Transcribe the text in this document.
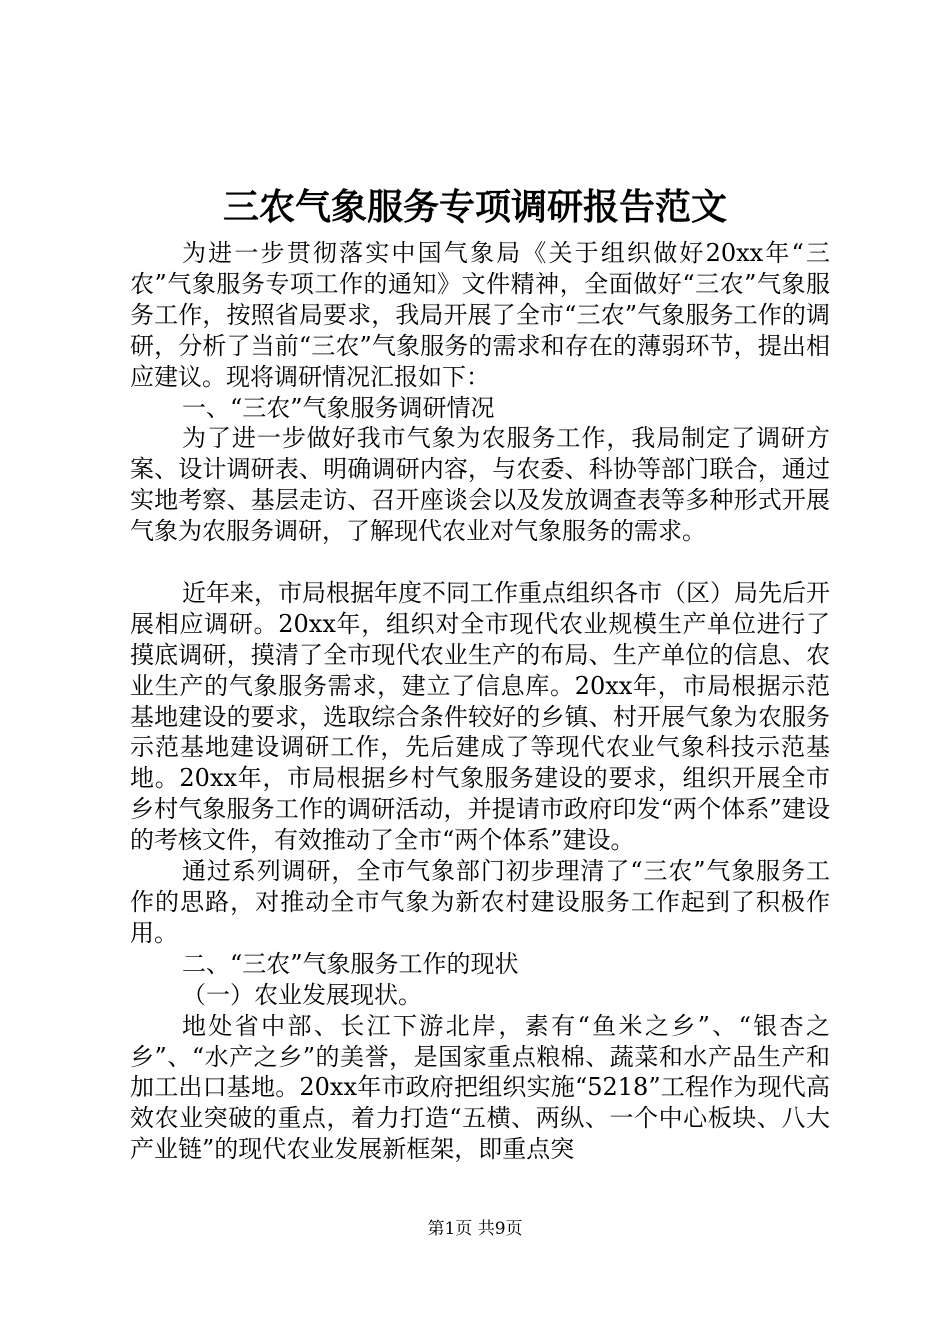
三农气象服务专项调研报告范文

为进一步贯彻落实中国气象局《关于组织做好20xx年“三农”气象服务专项工作的通知》文件精神，全面做好“三农”气象服务工作，按照省局要求，我局开展了全市“三农”气象服务工作的调研，分析了当前“三农”气象服务的需求和存在的薄弱环节，提出相应建议。现将调研情况汇报如下：

一、“三农”气象服务调研情况

为了进一步做好我市气象为农服务工作，我局制定了调研方案、设计调研表、明确调研内容，与农委、科协等部门联合，通过实地考察、基层走访、召开座谈会以及发放调查表等多种形式开展气象为农服务调研，了解现代农业对气象服务的需求。

近年来，市局根据年度不同工作重点组织各市（区）局先后开展相应调研。20xx年，组织对全市现代农业规模生产单位进行了摸底调研，摸清了全市现代农业生产的布局、生产单位的信息、农业生产的气象服务需求，建立了信息库。20xx年，市局根据示范基地建设的要求，选取综合条件较好的乡镇、村开展气象为农服务示范基地建设调研工作，先后建成了等现代农业气象科技示范基地。20xx年，市局根据乡村气象服务建设的要求，组织开展全市乡村气象服务工作的调研活动，并提请市政府印发“两个体系”建设的考核文件，有效推动了全市“两个体系”建设。

通过系列调研，全市气象部门初步理清了“三农”气象服务工作的思路，对推动全市气象为新农村建设服务工作起到了积极作用。

二、“三农”气象服务工作的现状

（一）农业发展现状。

地处省中部、长江下游北岸，素有“鱼米之乡”、“银杏之乡”、“水产之乡”的美誉，是国家重点粮棉、蔬菜和水产品生产和加工出口基地。20xx年市政府把组织实施“5218”工程作为现代高效农业突破的重点，着力打造“五横、两纵、一个中心板块、八大产业链”的现代农业发展新框架，即重点突

第1页 共9页
